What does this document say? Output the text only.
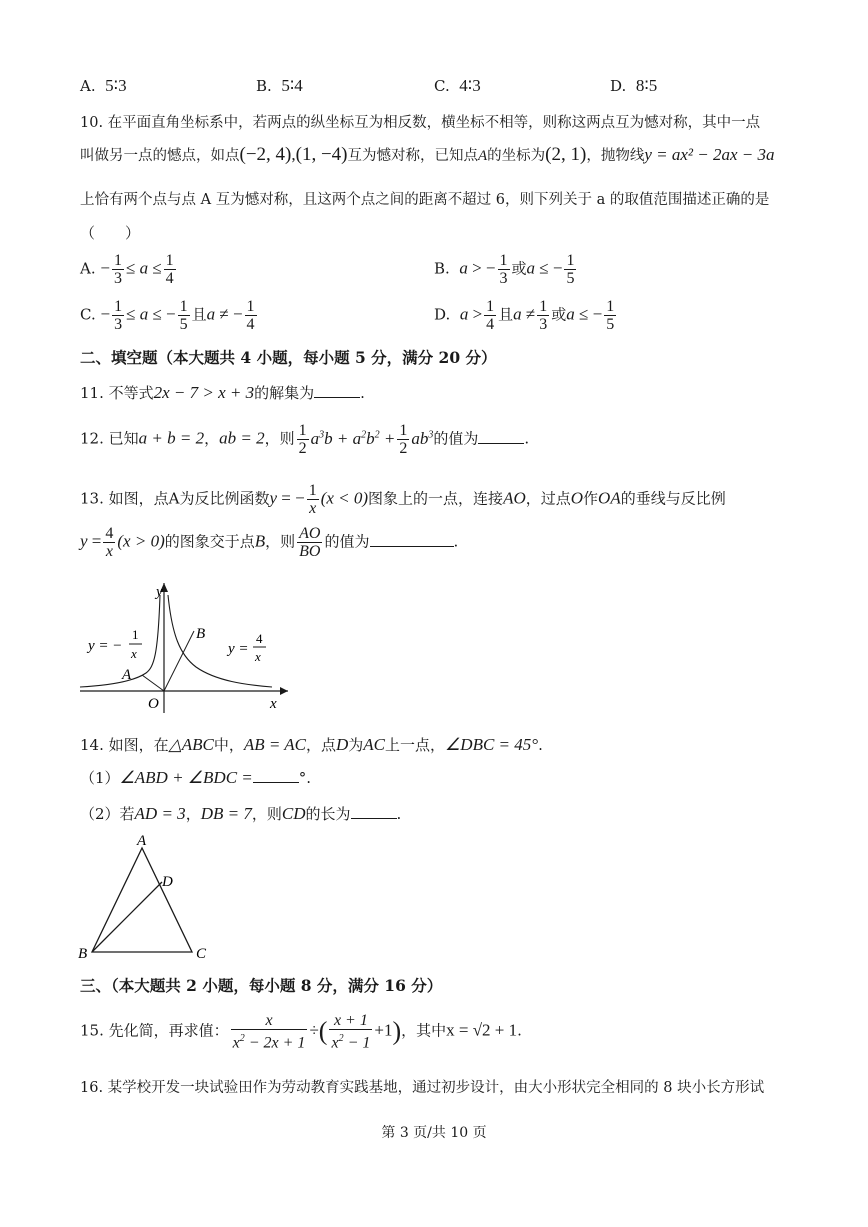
A. 5∶3	B. 5∶4	C. 4∶3	D. 8∶5
10. 在平面直角坐标系中，若两点的纵坐标互为相反数，横坐标不相等，则称这两点互为憾对称，其中一点
叫做另一点的憾点，如点(−2, 4),(1, −4)互为憾对称，已知点A的坐标为(2, 1)，抛物线y = ax² − 2ax − 3a
上恰有两个点与点 A 互为憾对称，且这两个点之间的距离不超过 6，则下列关于 a 的取值范围描述正确的是
（　　）
A. − $\frac{1}{3} \le a \le \frac{1}{4}$	B. a > − $\frac{1}{3}$ 或a ≤ − $\frac{1}{5}$
C. − $\frac{1}{3} \le a$ ≤ − $\frac{1}{5}$ 且a ≠ − $\frac{1}{4}$	D. $a > \frac{1}{4}$ 且$a \ne \frac{1}{3}$ 或a ≤ − $\frac{1}{5}$
二、填空题（本大题共 4 小题，每小题 5 分，满分 20 分）
11. 不等式2x − 7 > x + 3的解集为	.
12. 已知a + b = 2，ab = 2，则 $\frac{1}{2} a^3b + a^2b^2 + \frac{1}{2} ab^3$的值为	.
13. 如图，点A为反比例函数y = − $\frac{1}{x} (x < 0)$图象上的一点，连接AO，过点O作OA的垂线与反比例
$y = \frac{4}{x} (x > 0)$的图象交于点B，则 $\frac{AO}{BO}$ 的值为	.
y
x
O
A
B
y = −
1
x	y =
4
x
14. 如图，在△ABC中，AB = AC，点D为AC上一点，∠DBC = 45°.
（1）∠ABD + ∠BDC =	°.
（2）若AD = 3，DB = 7，则CD的长为	.
A
B	C
D
三、（本大题共 2 小题，每小题 8 分，满分 16 分）
15. 先化简，再求值： $\frac{x}{x^2 - 2x + 1}$ ÷( $\frac{x + 1}{x^2 - 1} +1$)，其中x = √2 + 1.
16. 某学校开发一块试验田作为劳动教育实践基地，通过初步设计，由大小形状完全相同的 8 块小长方形试
第 3 页/共 10 页
